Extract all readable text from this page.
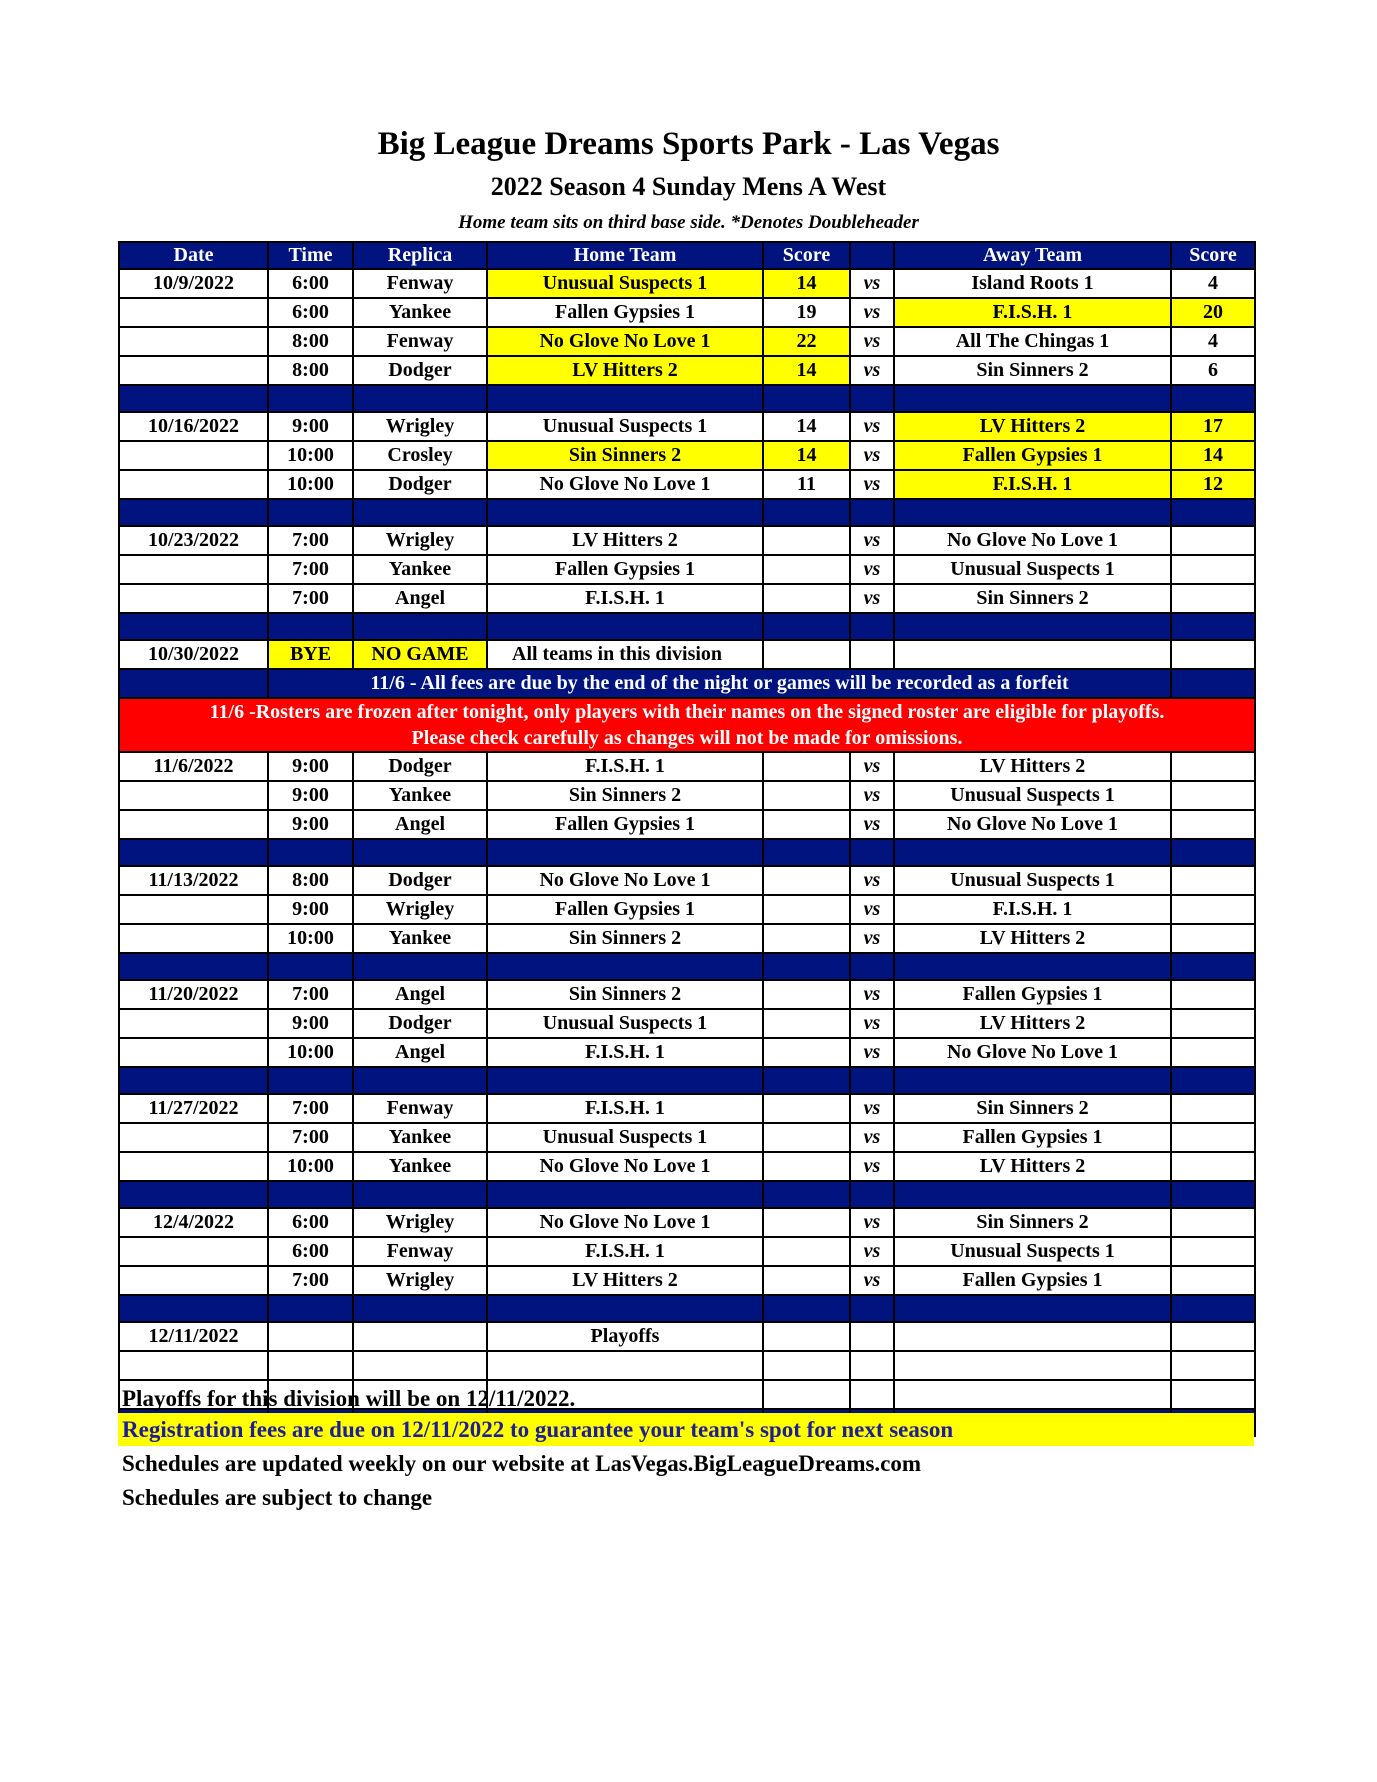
Big League Dreams Sports Park - Las Vegas
2022 Season 4 Sunday Mens A West
Home team sits on third base side. *Denotes Doubleheader
Date	Time	Replica	Home Team	Score		Away Team	Score
10/9/2022	6:00	Fenway	Unusual Suspects 1	14	vs	Island Roots 1	4
	6:00	Yankee	Fallen Gypsies 1	19	vs	F.I.S.H. 1	20
	8:00	Fenway	No Glove No Love 1	22	vs	All The Chingas 1	4
	8:00	Dodger	LV Hitters 2	14	vs	Sin Sinners 2	6

10/16/2022	9:00	Wrigley	Unusual Suspects 1	14	vs	LV Hitters 2	17
	10:00	Crosley	Sin Sinners 2	14	vs	Fallen Gypsies 1	14
	10:00	Dodger	No Glove No Love 1	11	vs	F.I.S.H. 1	12

10/23/2022	7:00	Wrigley	LV Hitters 2		vs	No Glove No Love 1	
	7:00	Yankee	Fallen Gypsies 1		vs	Unusual Suspects 1	
	7:00	Angel	F.I.S.H. 1		vs	Sin Sinners 2	

10/30/2022	BYE	NO GAME	All teams in this division				
	11/6 - All fees are due by the end of the night or games will be recorded as a forfeit						

11/6 -Rosters are frozen after tonight, only players with their names on the signed roster are eligible for playoffs.
Please check carefully as changes will not be made for omissions.							

11/6/2022	9:00	Dodger	F.I.S.H. 1		vs	LV Hitters 2	
	9:00	Yankee	Sin Sinners 2		vs	Unusual Suspects 1	
	9:00	Angel	Fallen Gypsies 1		vs	No Glove No Love 1	

11/13/2022	8:00	Dodger	No Glove No Love 1		vs	Unusual Suspects 1	
	9:00	Wrigley	Fallen Gypsies 1		vs	F.I.S.H. 1	
	10:00	Yankee	Sin Sinners 2		vs	LV Hitters 2	

11/20/2022	7:00	Angel	Sin Sinners 2		vs	Fallen Gypsies 1	
	9:00	Dodger	Unusual Suspects 1		vs	LV Hitters 2	
	10:00	Angel	F.I.S.H. 1		vs	No Glove No Love 1	

11/27/2022	7:00	Fenway	F.I.S.H. 1		vs	Sin Sinners 2	
	7:00	Yankee	Unusual Suspects 1		vs	Fallen Gypsies 1	
	10:00	Yankee	No Glove No Love 1		vs	LV Hitters 2	

12/4/2022	6:00	Wrigley	No Glove No Love 1		vs	Sin Sinners 2	
	6:00	Fenway	F.I.S.H. 1		vs	Unusual Suspects 1	
	7:00	Wrigley	LV Hitters 2		vs	Fallen Gypsies 1	

12/11/2022			Playoffs				

Playoffs for this division will be on 12/11/2022.
Registration fees are due on 12/11/2022 to guarantee your team's spot for next season
Schedules are updated weekly on our website at LasVegas.BigLeagueDreams.com
Schedules are subject to change
